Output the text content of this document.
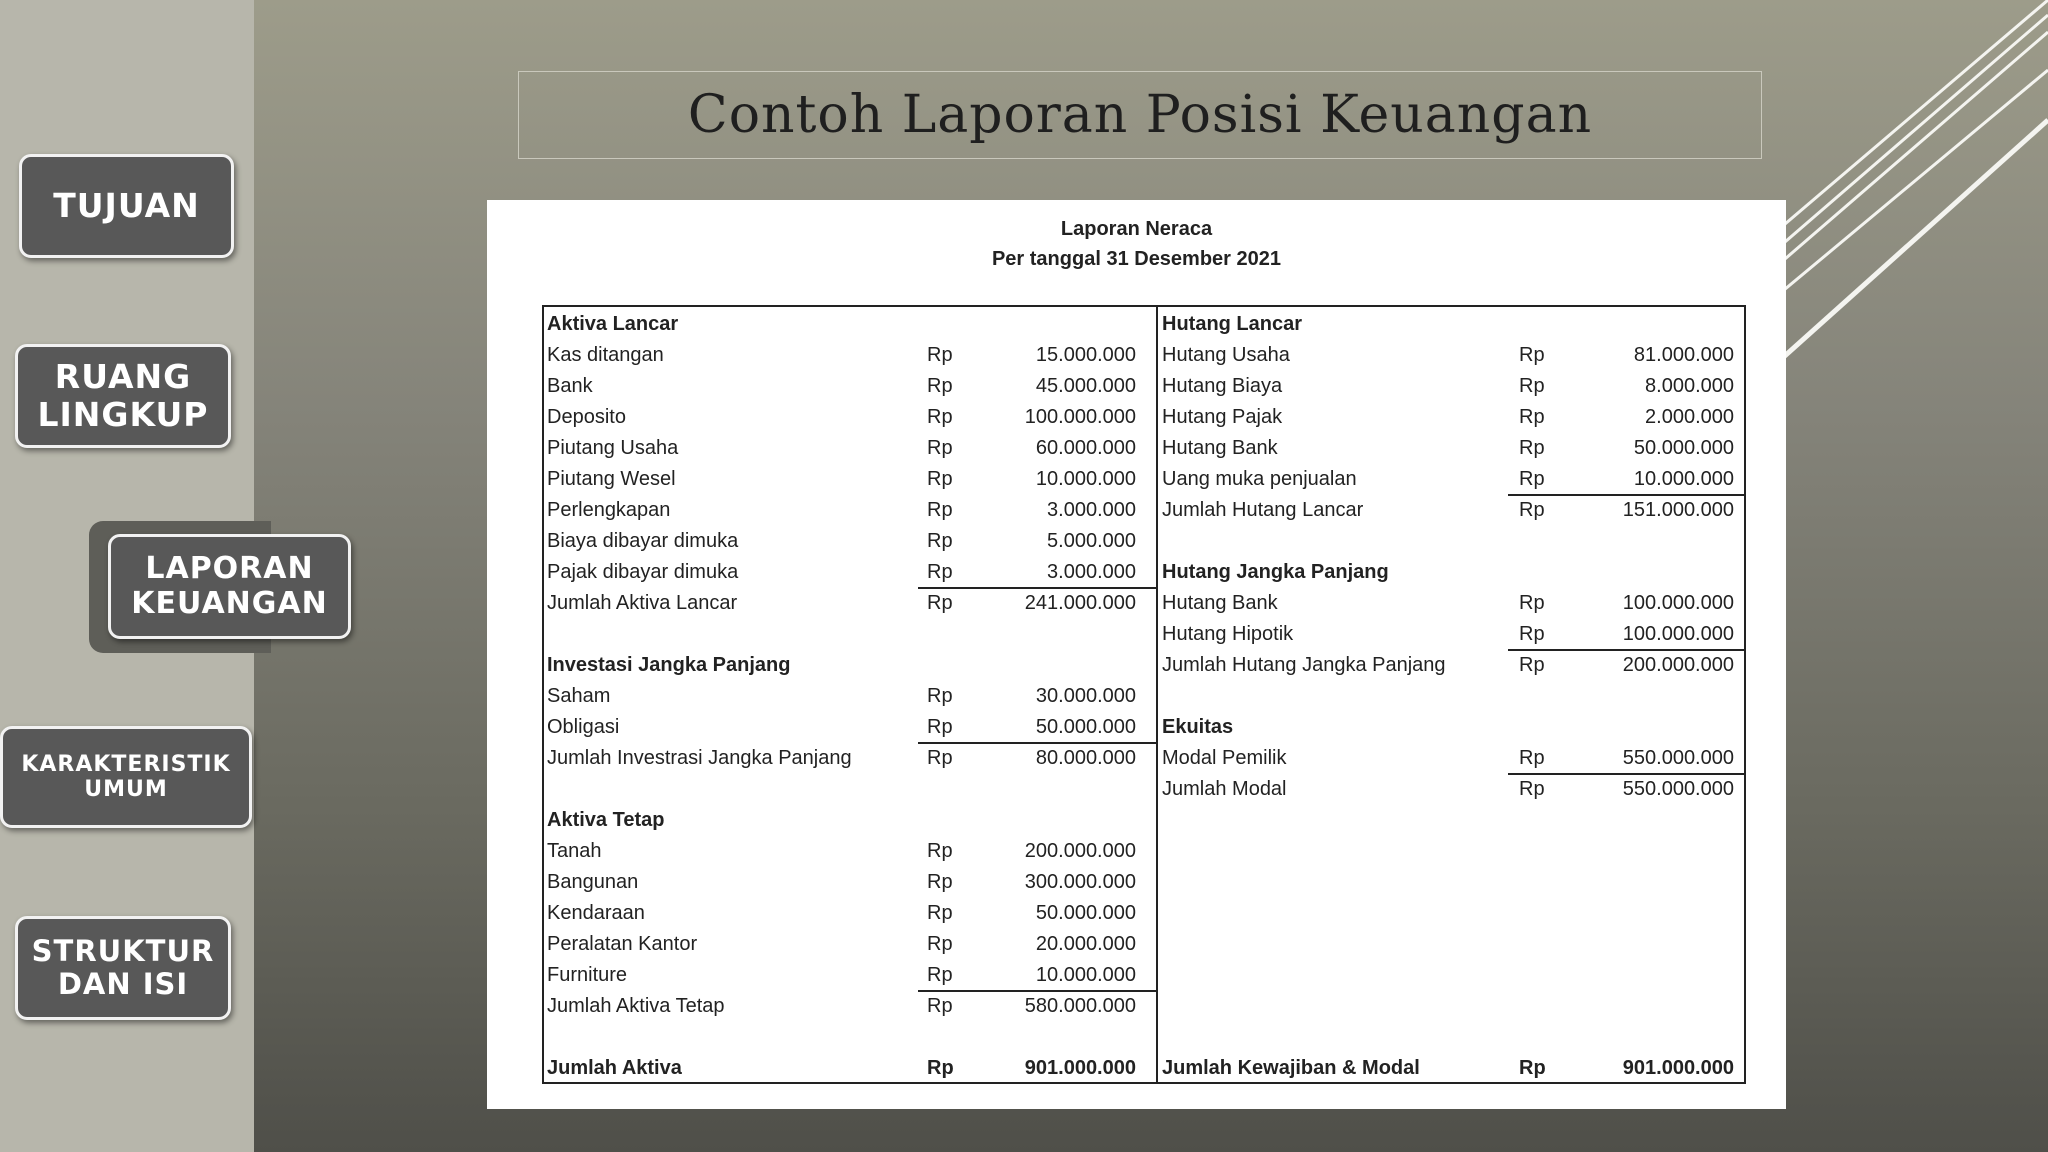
TUJUAN
RUANG
LINGKUP
LAPORAN
KEUANGAN
KARAKTERISTIK
UMUM
STRUKTUR
DAN ISI
Contoh Laporan Posisi Keuangan
Laporan Neraca
Per tanggal 31 Desember 2021
Aktiva Lancar
Kas ditangan	Rp	15.000.000
Bank	Rp	45.000.000
Deposito	Rp	100.000.000
Piutang Usaha	Rp	60.000.000
Piutang Wesel	Rp	10.000.000
Perlengkapan	Rp	3.000.000
Biaya dibayar dimuka	Rp	5.000.000
Pajak dibayar dimuka	Rp	3.000.000
Jumlah Aktiva Lancar	Rp	241.000.000
Investasi Jangka Panjang
Saham	Rp	30.000.000
Obligasi	Rp	50.000.000
Jumlah Investrasi Jangka Panjang	Rp	80.000.000
Aktiva Tetap
Tanah	Rp	200.000.000
Bangunan	Rp	300.000.000
Kendaraan	Rp	50.000.000
Peralatan Kantor	Rp	20.000.000
Furniture	Rp	10.000.000
Jumlah Aktiva Tetap	Rp	580.000.000
Jumlah Aktiva	Rp	901.000.000
Hutang Lancar
Hutang Usaha	Rp	81.000.000
Hutang Biaya	Rp	8.000.000
Hutang Pajak	Rp	2.000.000
Hutang Bank	Rp	50.000.000
Uang muka penjualan	Rp	10.000.000
Jumlah Hutang Lancar	Rp	151.000.000
Hutang Jangka Panjang
Hutang Bank	Rp	100.000.000
Hutang Hipotik	Rp	100.000.000
Jumlah Hutang Jangka Panjang	Rp	200.000.000
Ekuitas
Modal Pemilik	Rp	550.000.000
Jumlah Modal	Rp	550.000.000
Jumlah Kewajiban & Modal	Rp	901.000.000
